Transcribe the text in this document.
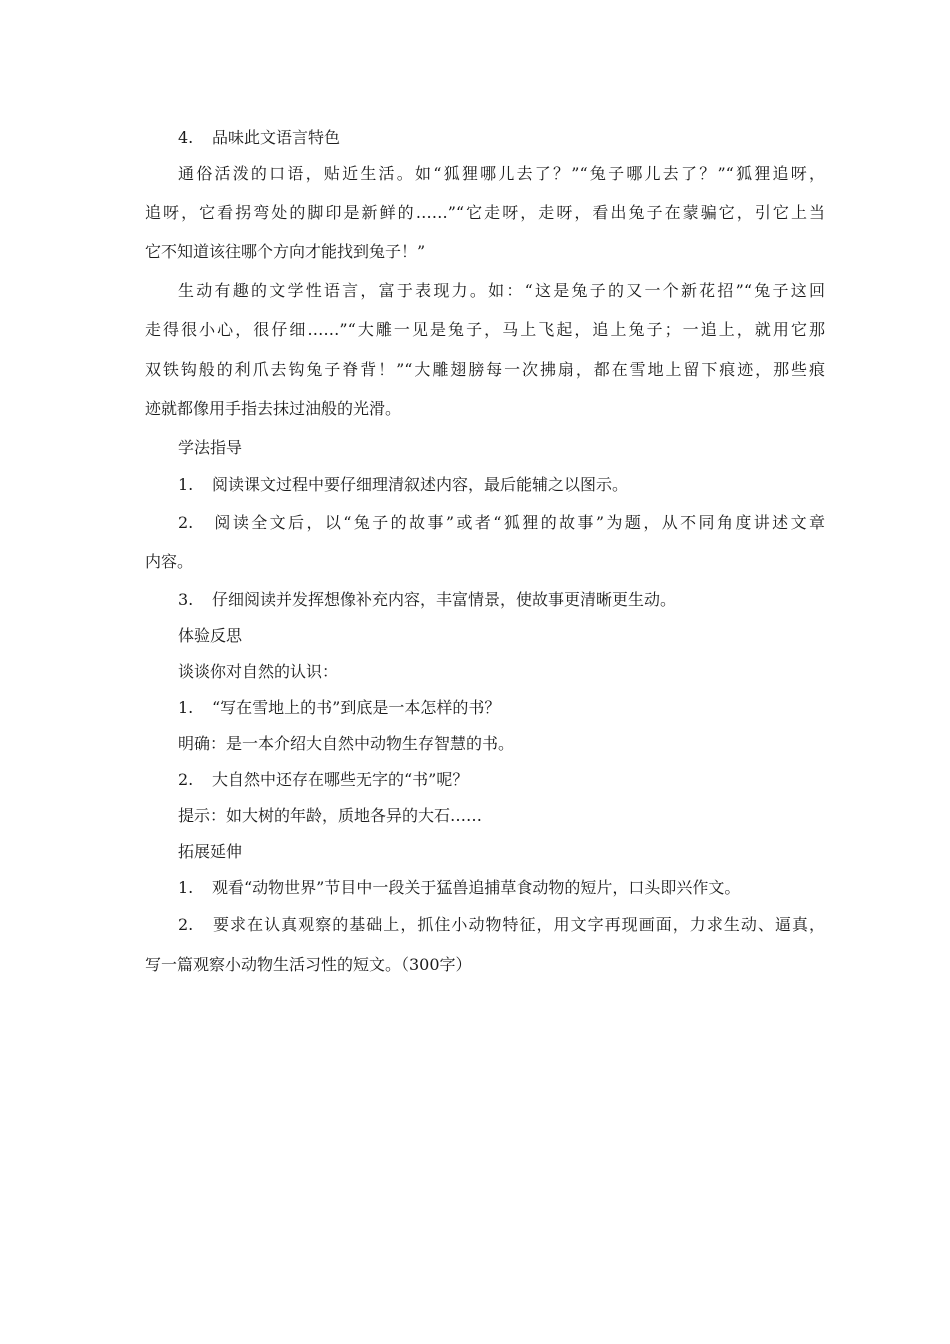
4. 品味此文语言特色
通俗活泼的口语，贴近生活。如“狐狸哪儿去了？”“兔子哪儿去了？”“狐狸追呀，
追呀，它看拐弯处的脚印是新鲜的……”“它走呀，走呀，看出兔子在蒙骗它，引它上当
它不知道该往哪个方向才能找到兔子！”
生动有趣的文学性语言，富于表现力。如：“这是兔子的又一个新花招”“兔子这回
走得很小心，很仔细……”“大雕一见是兔子，马上飞起，追上兔子；一追上，就用它那
双铁钩般的利爪去钩兔子脊背！”“大雕翅膀每一次拂扇，都在雪地上留下痕迹，那些痕
迹就都像用手指去抹过油般的光滑。
学法指导
1. 阅读课文过程中要仔细理清叙述内容，最后能辅之以图示。
2. 阅读全文后，以“兔子的故事”或者“狐狸的故事”为题，从不同角度讲述文章
内容。
3. 仔细阅读并发挥想像补充内容，丰富情景，使故事更清晰更生动。
体验反思
谈谈你对自然的认识：
1. “写在雪地上的书”到底是一本怎样的书？
明确：是一本介绍大自然中动物生存智慧的书。
2. 大自然中还存在哪些无字的“书”呢？
提示：如大树的年龄，质地各异的大石……
拓展延伸
1. 观看“动物世界”节目中一段关于猛兽追捕草食动物的短片，口头即兴作文。
2. 要求在认真观察的基础上，抓住小动物特征，用文字再现画面，力求生动、逼真，
写一篇观察小动物生活习性的短文。（300字）
